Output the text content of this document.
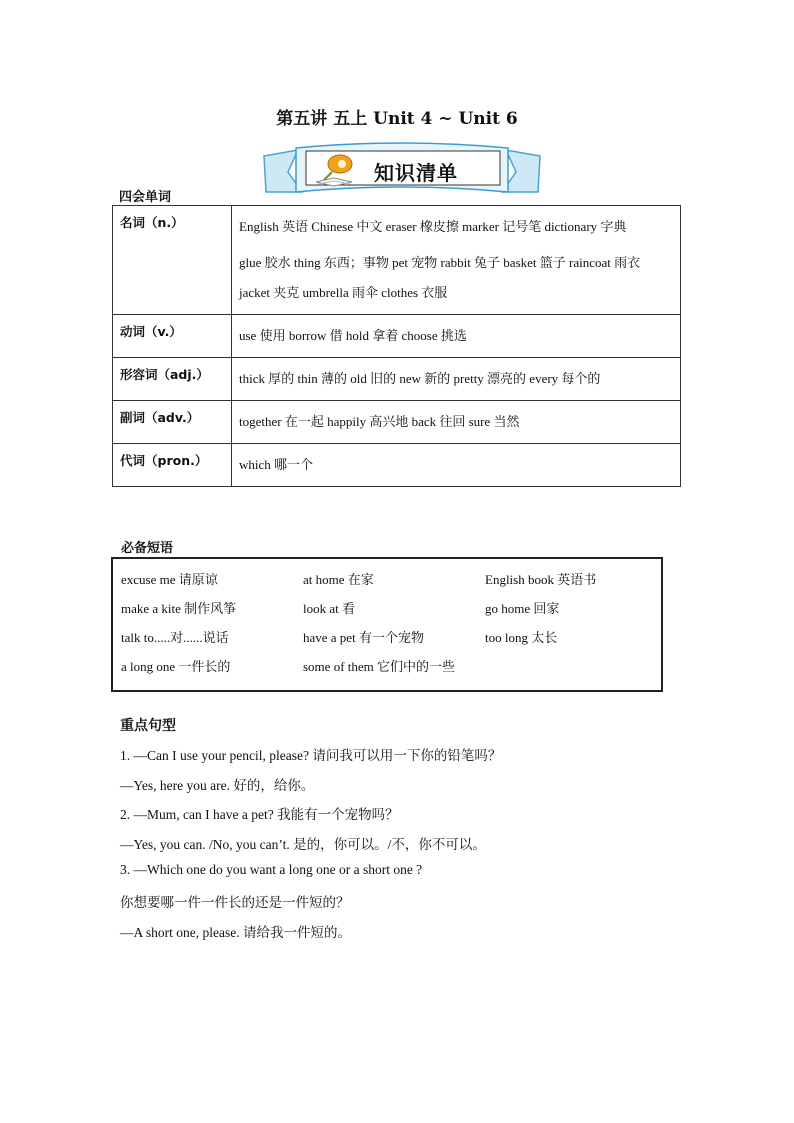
第五讲 五上 Unit 4 ~ Unit 6
知识清单
四会单词
名词（n.）	English 英语 Chinese 中文 eraser 橡皮擦 marker 记号笔 dictionary 字典
glue 胶水 thing 东西；事物 pet 宠物 rabbit 兔子 basket 篮子 raincoat 雨衣 jacket 夹克 umbrella 雨伞 clothes 衣服

动词（v.）	use 使用 borrow 借 hold 拿着 choose 挑选
形容词（adj.）	thick 厚的 thin 薄的 old 旧的 new 新的 pretty 漂亮的 every 每个的
副词（adv.）	together 在一起 happily 高兴地 back 往回 sure 当然
代词（pron.）	which 哪一个
必备短语
excuse me 请原谅	at home 在家	English book 英语书
make a kite 制作风筝	look at 看	go home 回家
talk to.....对......说话	have a pet 有一个宠物	too long 太长
a long one 一件长的	some of them 它们中的一些
重点句型
1. —Can I use your pencil, please? 请问我可以用一下你的铅笔吗？
—Yes, here you are. 好的，给你。
2. —Mum, can I have a pet? 我能有一个宠物吗？
—Yes, you can. /No, you can’t. 是的，你可以。/不，你不可以。
3. —Which one do you want a long one or a short one ?
你想要哪一件一件长的还是一件短的？
—A short one, please. 请给我一件短的。
